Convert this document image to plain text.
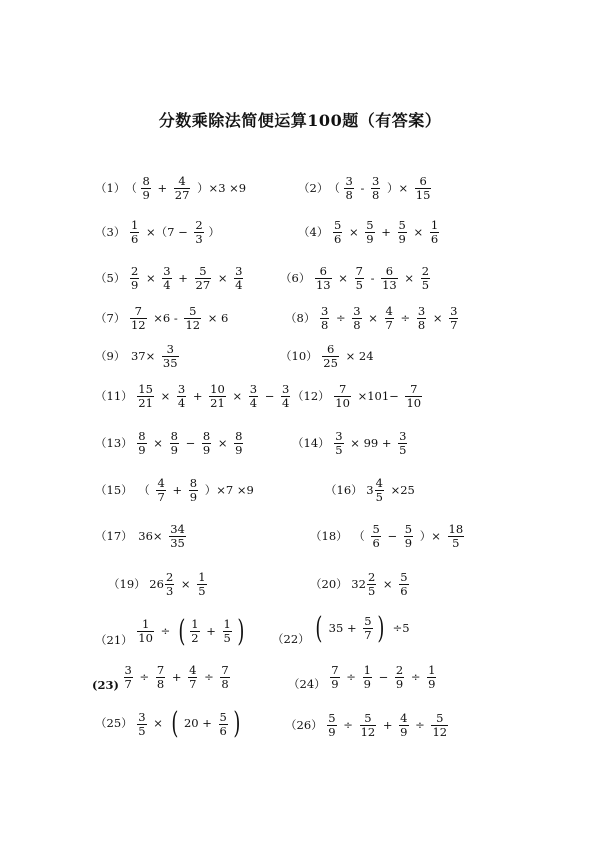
分数乘除法简便运算100题（有答案）
$(1)( \frac{8}{9} + \frac{4}{27} )\times 3 \times 9$	$(2)( \frac{3}{8} - \frac{3}{8}$ ）× $\frac{6}{15}$
$(3) \frac{1}{6} \times(7 - \frac{2}{3}$ ）	$(4) \frac{5}{6} \times \frac{5}{9} + \frac{5}{9} \times \frac{1}{6}$
$(5) \frac{2}{9} \times \frac{3}{4} + \frac{5}{27} \times \frac{3}{4}$	$(6) \frac{6}{13} \times \frac{7}{5} - \frac{6}{13} \times \frac{2}{5}$
$(7) \frac{7}{12} \times 6 - \frac{5}{12} \times 6$	$(8) \frac{3}{8} \div \frac{3}{8} \times \frac{4}{7} \div \frac{3}{8} \times \frac{3}{7}$
（9） $37\times \frac{3}{35}$	$(10) \frac{6}{25} \times 24$
$(11) \frac{15}{21} \times \frac{3}{4} + \frac{10}{21} \times \frac{3}{4} - \frac{3}{4} (12) \frac{7}{10} \times 101- \frac{7}{10}$
$(13) \frac{8}{9} \times \frac{8}{9} - \frac{8}{9} \times \frac{8}{9}$	$(14) \frac{3}{5} \times 99 + \frac{3}{5}$
（15） （ $\frac{4}{7} + \frac{8}{9} )\times 7 \times 9$	（16） $3 \frac{4}{5} \times 25$
（17） $36\times \frac{34}{35}$	（18） （ $\frac{5}{6} - \frac{5}{9}$ ）× $\frac{18}{5}$
（19） $26 \frac{2}{3} \times \frac{1}{5}$	（20） $32 \frac{2}{5} \times \frac{5}{6}$
$(21) \frac{1}{10}$ ÷ ( $\frac{1}{2} + \frac{1}{5}$ ) （22） ( $35 + \frac{5}{7}$ ) ÷5
$(23) \frac{3}{7} \div \frac{7}{8} + \frac{4}{7} \div \frac{7}{8}$	$(24) \frac{7}{9} \div \frac{1}{9} - \frac{2}{9} \div \frac{1}{9}$
$(25) \frac{3}{5}$ × ( $20 + \frac{5}{6}$ )	$(26) \frac{5}{9} \div \frac{5}{12} + \frac{4}{9} \div \frac{5}{12}$
